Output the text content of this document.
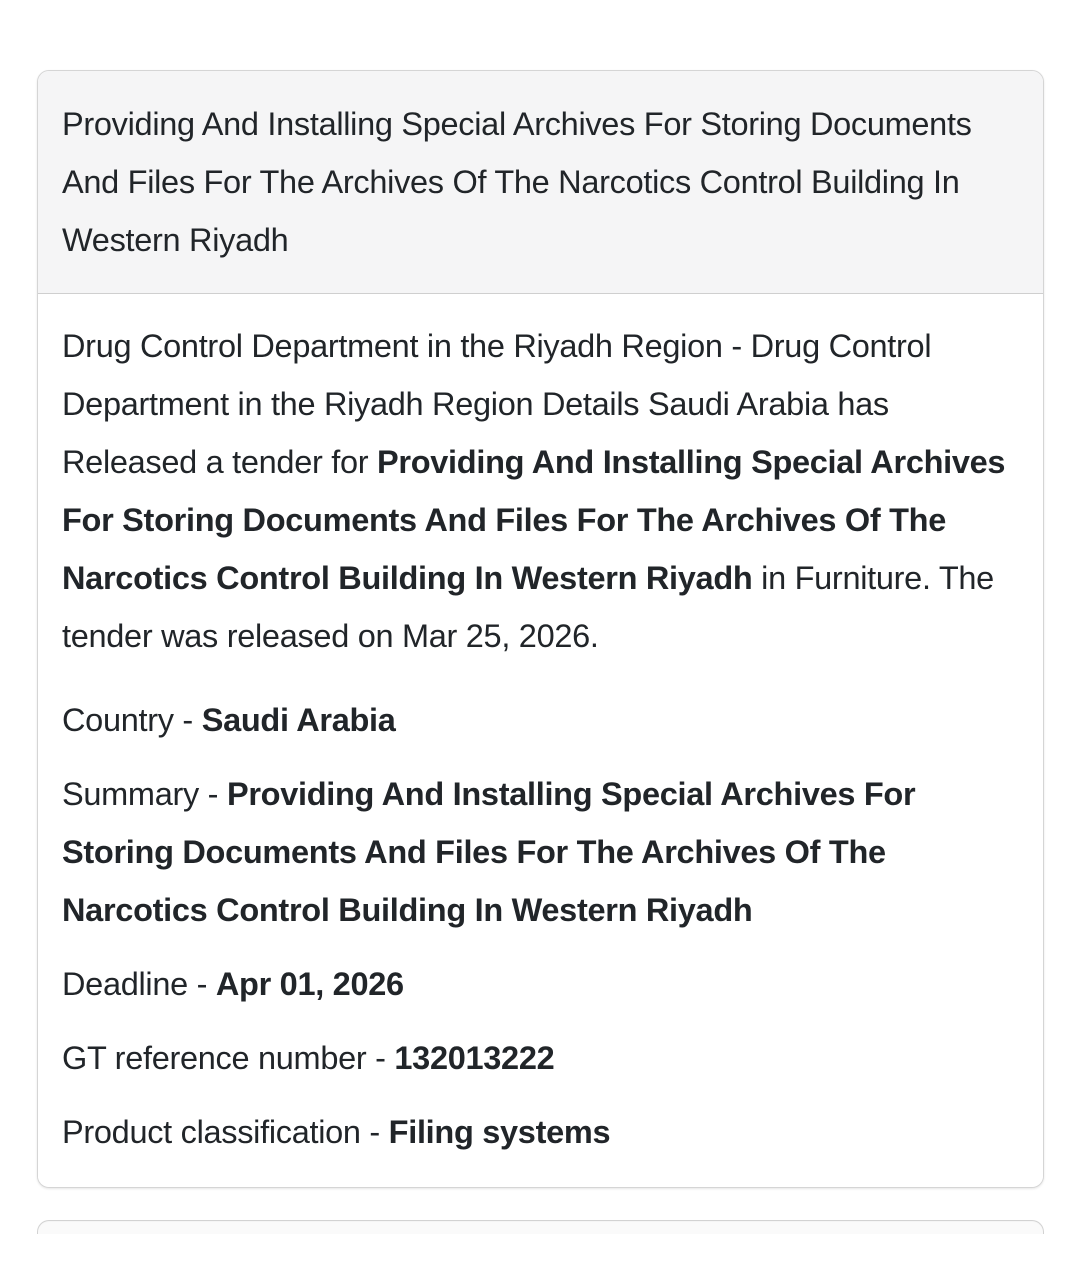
Providing And Installing Special Archives For Storing Documents And Files For The Archives Of The Narcotics Control Building In Western Riyadh

Drug Control Department in the Riyadh Region - Drug Control Department in the Riyadh Region Details Saudi Arabia has Released a tender for Providing And Installing Special Archives For Storing Documents And Files For The Archives Of The Narcotics Control Building In Western Riyadh in Furniture. The tender was released on Mar 25, 2026.

Country - Saudi Arabia

Summary - Providing And Installing Special Archives For Storing Documents And Files For The Archives Of The Narcotics Control Building In Western Riyadh

Deadline - Apr 01, 2026

GT reference number - 132013222

Product classification - Filing systems
